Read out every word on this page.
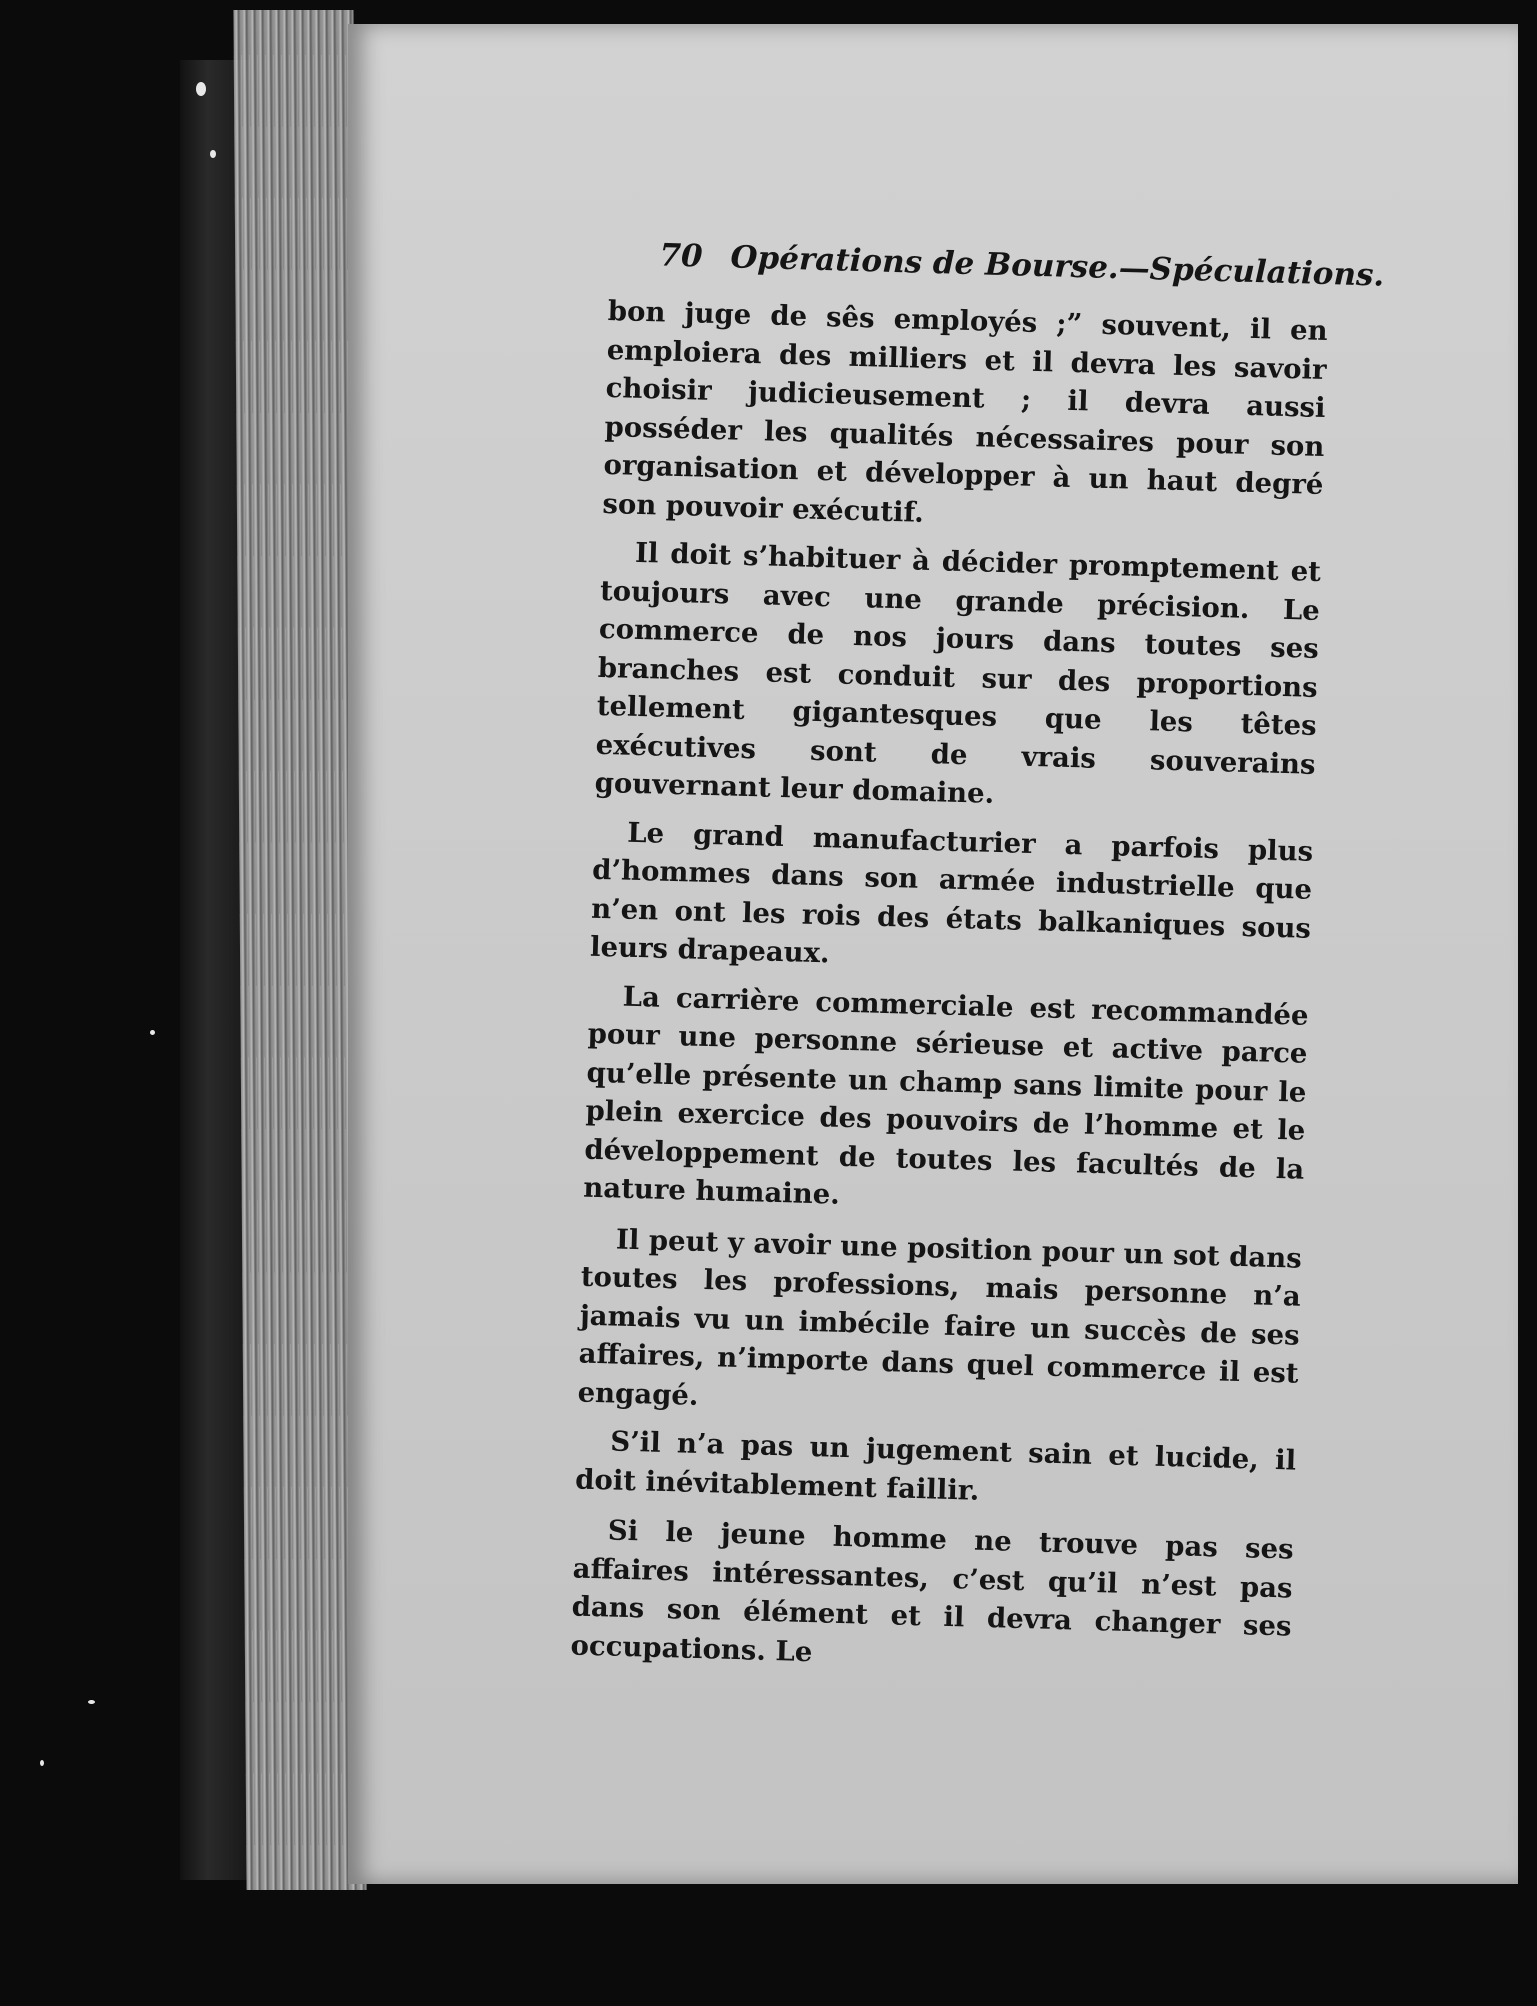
70 Opérations de Bourse.—Spéculations.

bon juge de sês employés ;” souvent, il en emploiera des milliers et il devra les savoir choisir judicieusement ; il devra aussi posséder les qualités nécessaires pour son organisation et développer à un haut degré son pouvoir exécutif.

Il doit s’habituer à décider promptement et toujours avec une grande précision. Le commerce de nos jours dans toutes ses branches est conduit sur des proportions tellement gigantesques que les têtes exécutives sont de vrais souverains gouvernant leur domaine.

Le grand manufacturier a parfois plus d’hommes dans son armée industrielle que n’en ont les rois des états balkaniques sous leurs drapeaux.

La carrière commerciale est recommandée pour une personne sérieuse et active parce qu’elle présente un champ sans limite pour le plein exercice des pouvoirs de l’homme et le développement de toutes les facultés de la nature humaine.

Il peut y avoir une position pour un sot dans toutes les professions, mais personne n’a jamais vu un imbécile faire un succès de ses affaires, n’importe dans quel commerce il est engagé.

S’il n’a pas un jugement sain et lucide, il doit inévitablement faillir.

Si le jeune homme ne trouve pas ses affaires intéressantes, c’est qu’il n’est pas dans son élément et il devra changer ses occupations. Le
